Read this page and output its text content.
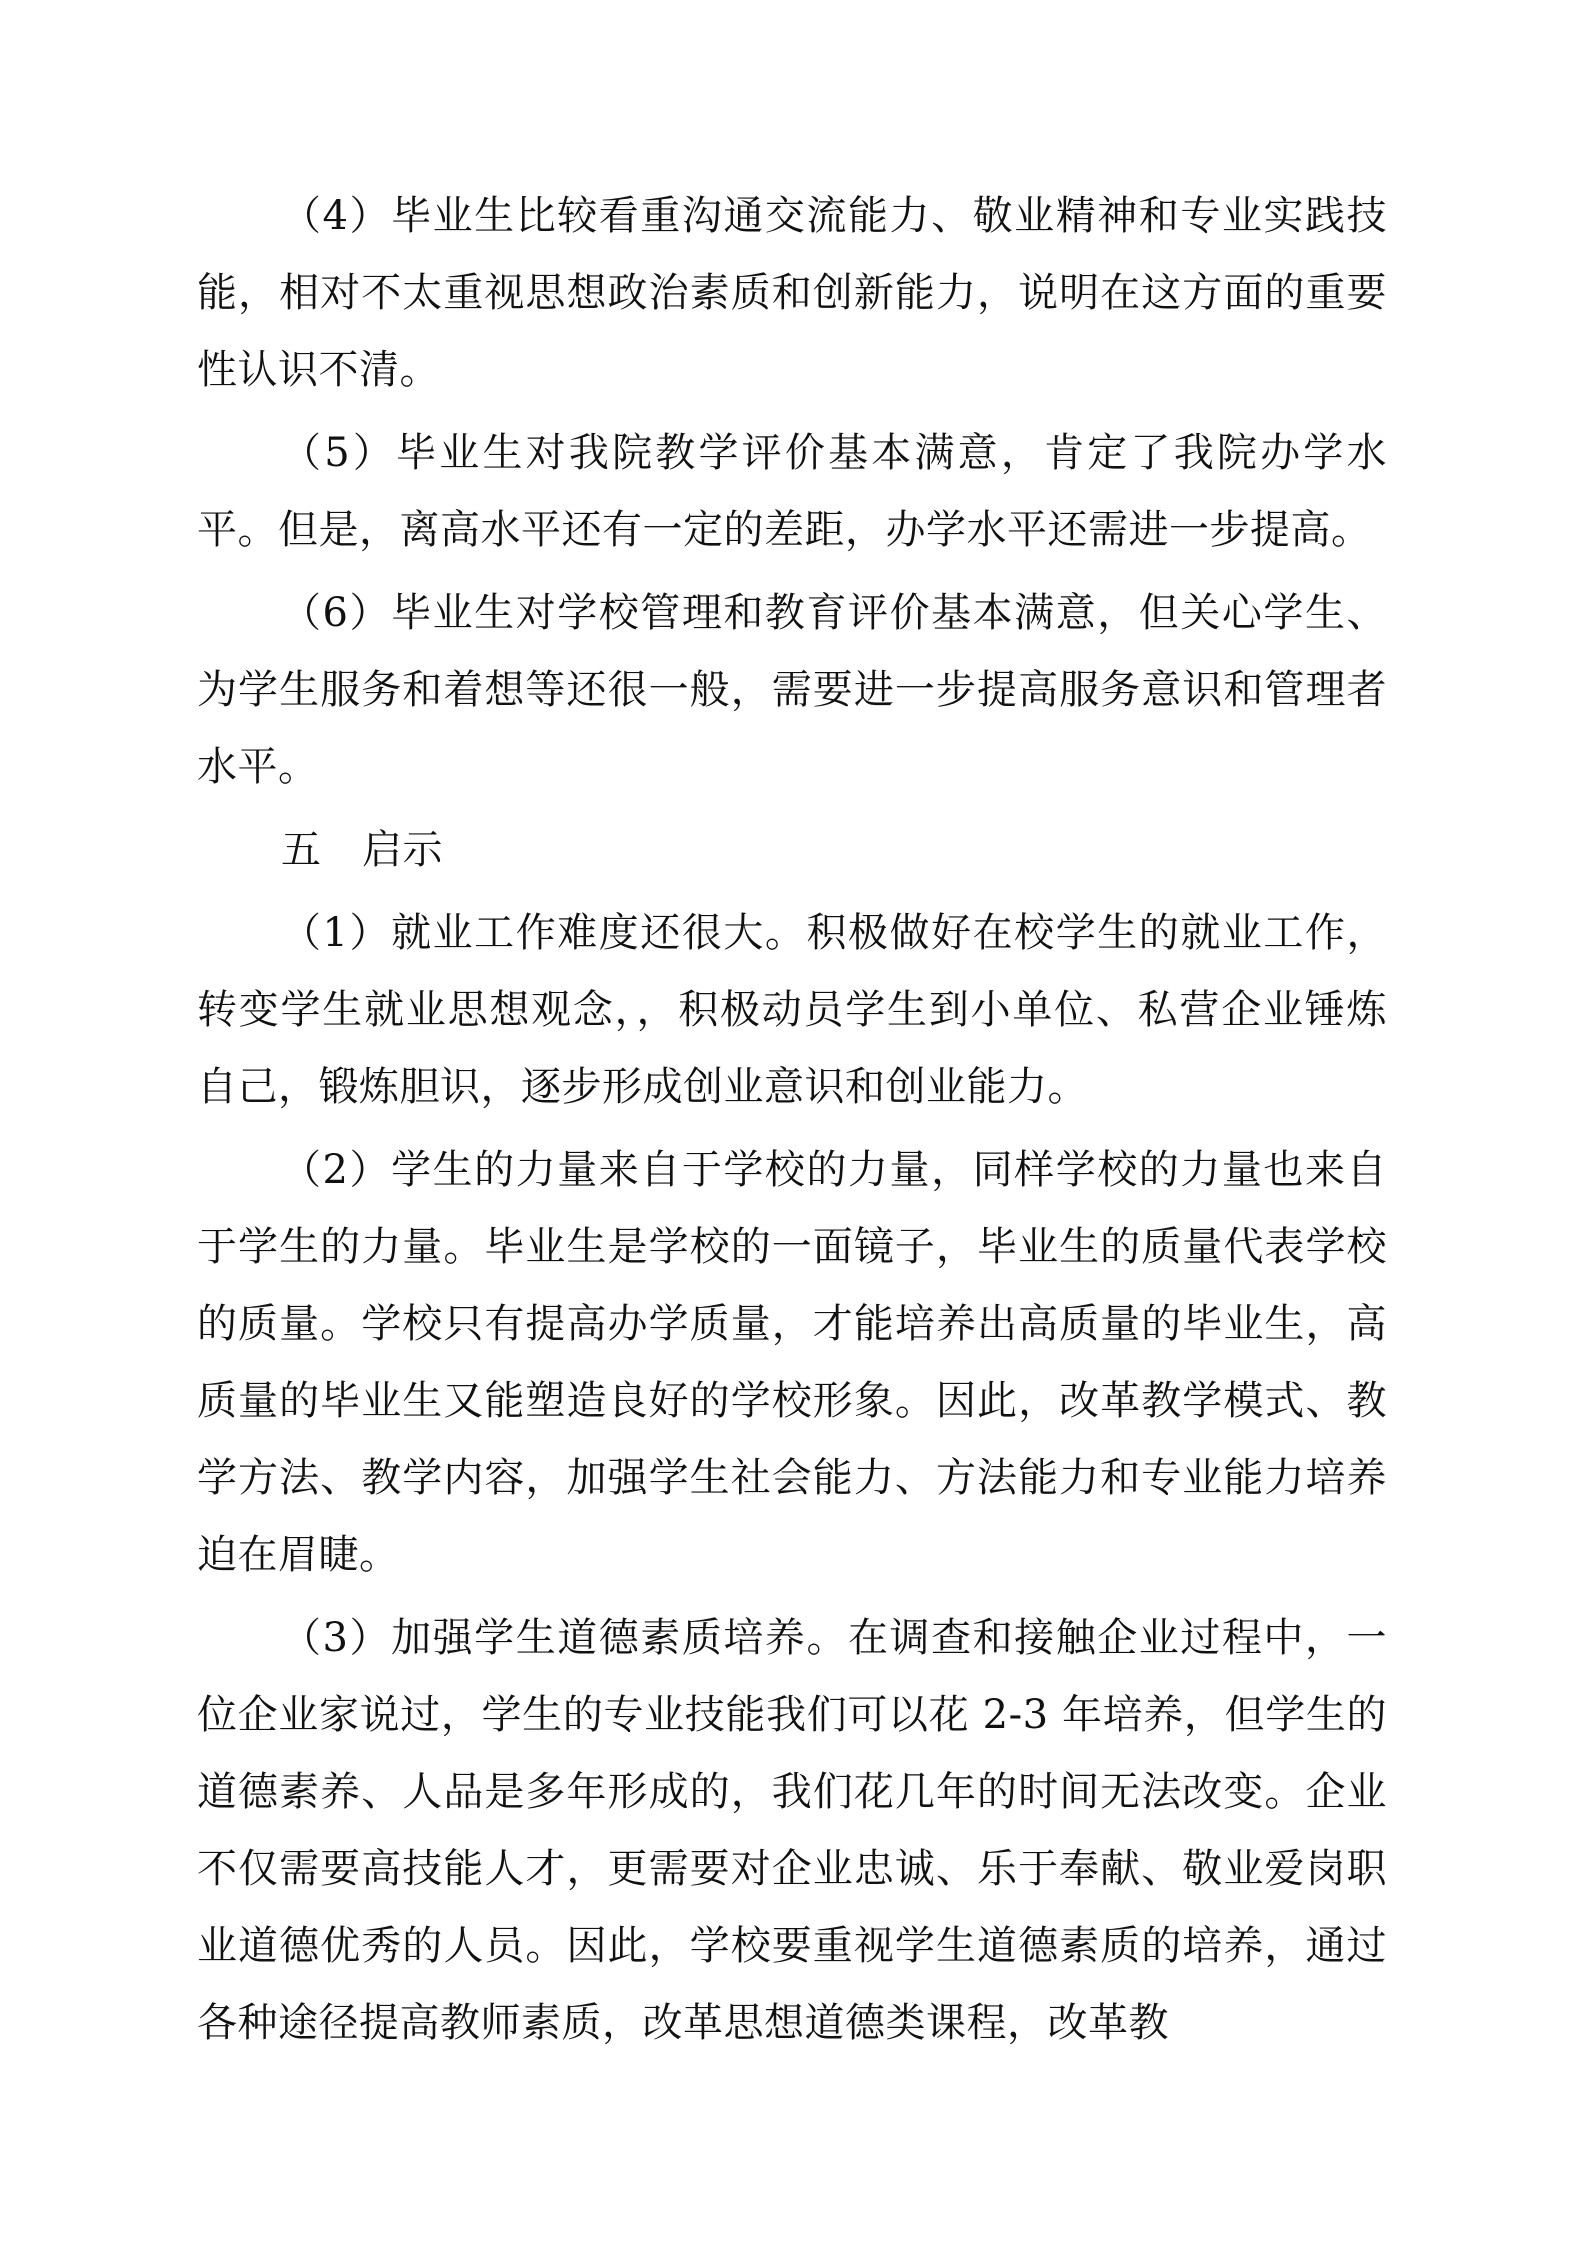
（4）毕业生比较看重沟通交流能力、敬业精神和专业实践技能，相对不太重视思想政治素质和创新能力，说明在这方面的重要性认识不清。

（5）毕业生对我院教学评价基本满意，肯定了我院办学水平。但是，离高水平还有一定的差距，办学水平还需进一步提高。

（6）毕业生对学校管理和教育评价基本满意，但关心学生、为学生服务和着想等还很一般，需要进一步提高服务意识和管理者水平。

五　启示

（1）就业工作难度还很大。积极做好在校学生的就业工作，转变学生就业思想观念，，积极动员学生到小单位、私营企业锤炼自己，锻炼胆识，逐步形成创业意识和创业能力。

（2）学生的力量来自于学校的力量，同样学校的力量也来自于学生的力量。毕业生是学校的一面镜子，毕业生的质量代表学校的质量。学校只有提高办学质量，才能培养出高质量的毕业生，高质量的毕业生又能塑造良好的学校形象。因此，改革教学模式、教学方法、教学内容，加强学生社会能力、方法能力和专业能力培养迫在眉睫。

（3）加强学生道德素质培养。在调查和接触企业过程中，一位企业家说过，学生的专业技能我们可以花 2-3 年培养，但学生的道德素养、人品是多年形成的，我们花几年的时间无法改变。企业不仅需要高技能人才，更需要对企业忠诚、乐于奉献、敬业爱岗职业道德优秀的人员。因此，学校要重视学生道德素质的培养，通过各种途径提高教师素质，改革思想道德类课程，改革教
